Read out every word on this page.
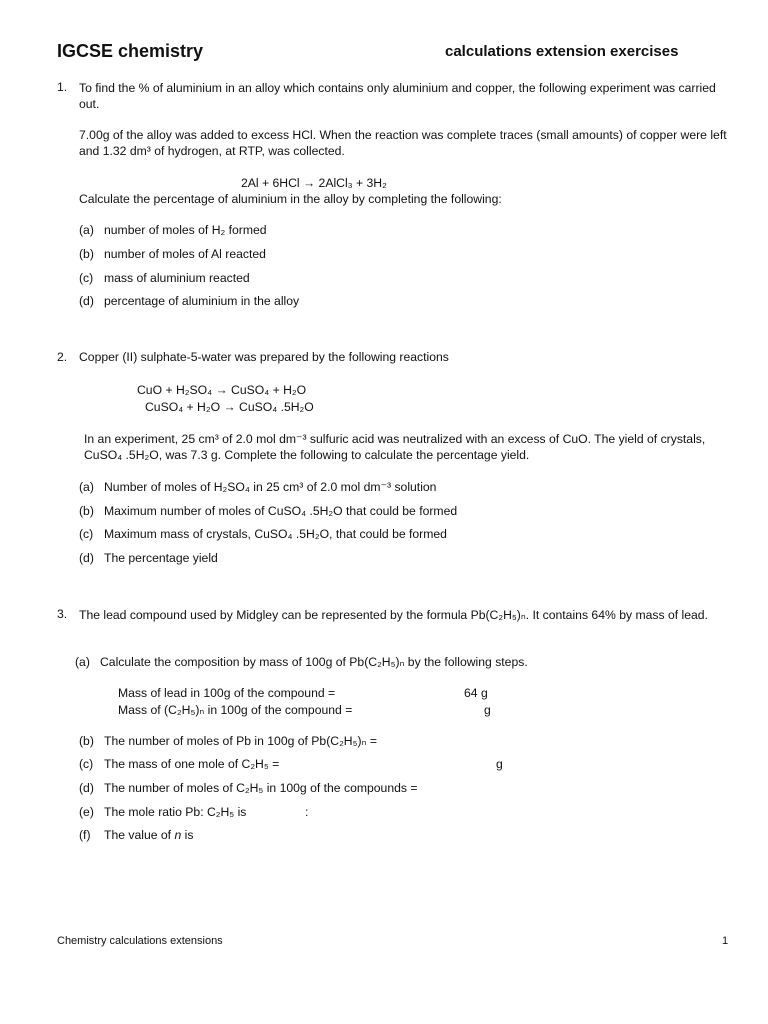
IGCSE chemistry	calculations extension exercises
1. To find the % of aluminium in an alloy which contains only aluminium and copper, the following experiment was carried out.
7.00g of the alloy was added to excess HCl. When the reaction was complete traces (small amounts) of copper were left and 1.32 dm³ of hydrogen, at RTP, was collected.
2Al + 6HCl → 2AlCl₃ + 3H₂
Calculate the percentage of aluminium in the alloy by completing the following:
(a) number of moles of H₂ formed
(b) number of moles of Al reacted
(c) mass of aluminium reacted
(d) percentage of aluminium in the alloy
2. Copper (II) sulphate-5-water was prepared by the following reactions
CuO + H₂SO₄ → CuSO₄ + H₂O
CuSO₄ + H₂O → CuSO₄ .5H₂O
In an experiment, 25 cm³ of 2.0 mol dm⁻³ sulfuric acid was neutralized with an excess of CuO. The yield of crystals, CuSO₄ .5H₂O, was 7.3 g. Complete the following to calculate the percentage yield.
(a) Number of moles of H₂SO₄ in 25 cm³ of 2.0 mol dm⁻³ solution
(b) Maximum number of moles of CuSO₄ .5H₂O that could be formed
(c) Maximum mass of crystals, CuSO₄ .5H₂O, that could be formed
(d) The percentage yield
3. The lead compound used by Midgley can be represented by the formula Pb(C₂H₅)ₙ. It contains 64% by mass of lead.
(a) Calculate the composition by mass of 100g of Pb(C₂H₅)ₙ by the following steps.
Mass of lead in 100g of the compound =	64 g
Mass of (C₂H₅)ₙ in 100g of the compound =	g
(b) The number of moles of Pb in 100g of Pb(C₂H₅)ₙ =
(c) The mass of one mole of C₂H₅ =	g
(d) The number of moles of C₂H₅ in 100g of the compounds =
(e) The mole ratio Pb: C₂H₅ is	:
(f) The value of n is
Chemistry calculations extensions	1
